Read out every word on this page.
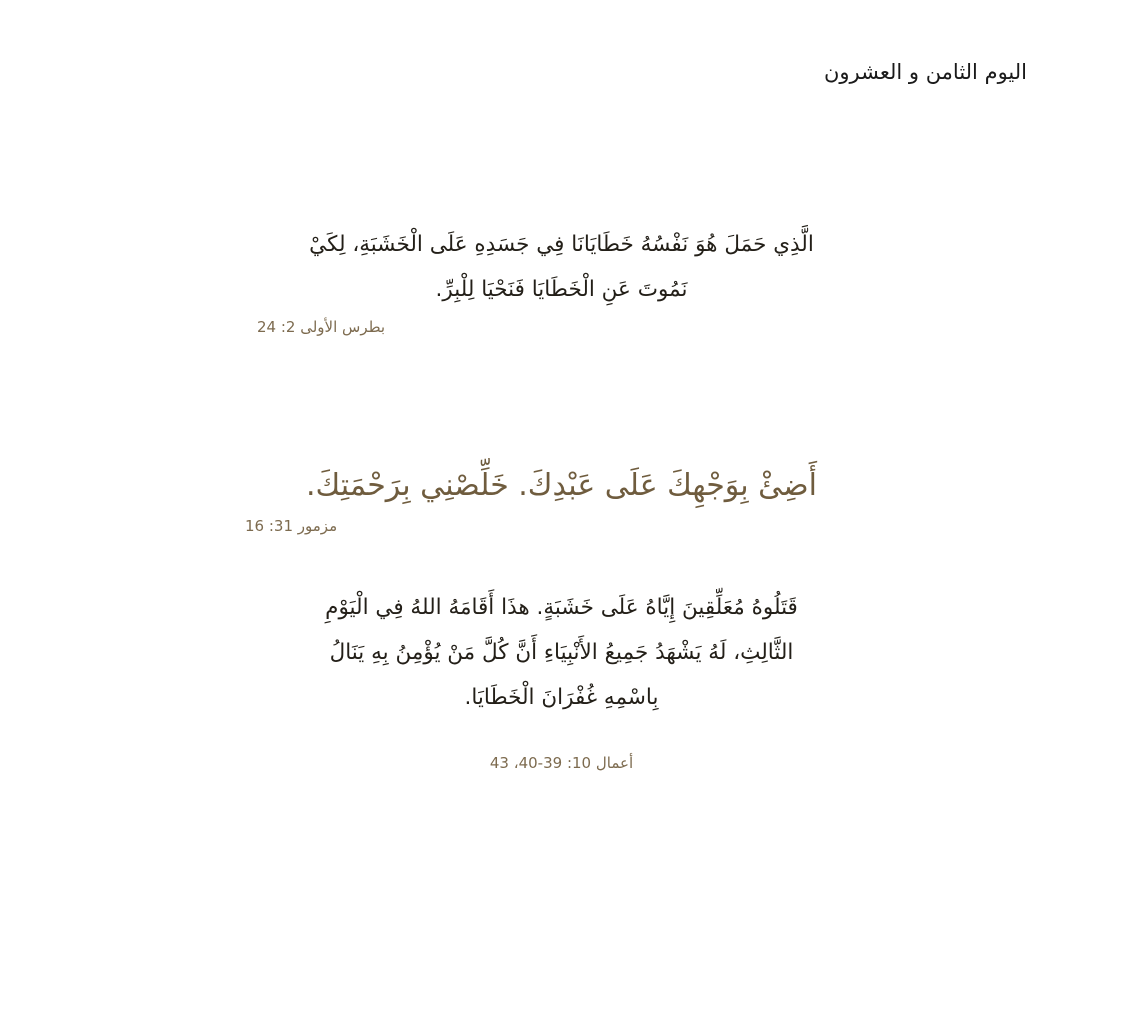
اليوم الثامن و العشرون
الَّذِي حَمَلَ هُوَ نَفْسُهُ خَطَايَانَا فِي جَسَدِهِ عَلَى الْخَشَبَةِ، لِكَيْ
نَمُوتَ عَنِ الْخَطَايَا فَنَحْيَا لِلْبِرِّ.
بطرس الأولى 2: 24
أَضِئْ بِوَجْهِكَ عَلَى عَبْدِكَ. خَلِّصْنِي بِرَحْمَتِكَ.
مزمور 31: 16
قَتَلُوهُ مُعَلِّقِينَ إِيَّاهُ عَلَى خَشَبَةٍ. هذَا أَقَامَهُ اللهُ فِي الْيَوْمِ
الثَّالِثِ، لَهُ يَشْهَدُ جَمِيعُ الأَنْبِيَاءِ أَنَّ كُلَّ مَنْ يُؤْمِنُ بِهِ يَنَالُ
بِاسْمِهِ غُفْرَانَ الْخَطَايَا.
أعمال 10: 39-40، 43
